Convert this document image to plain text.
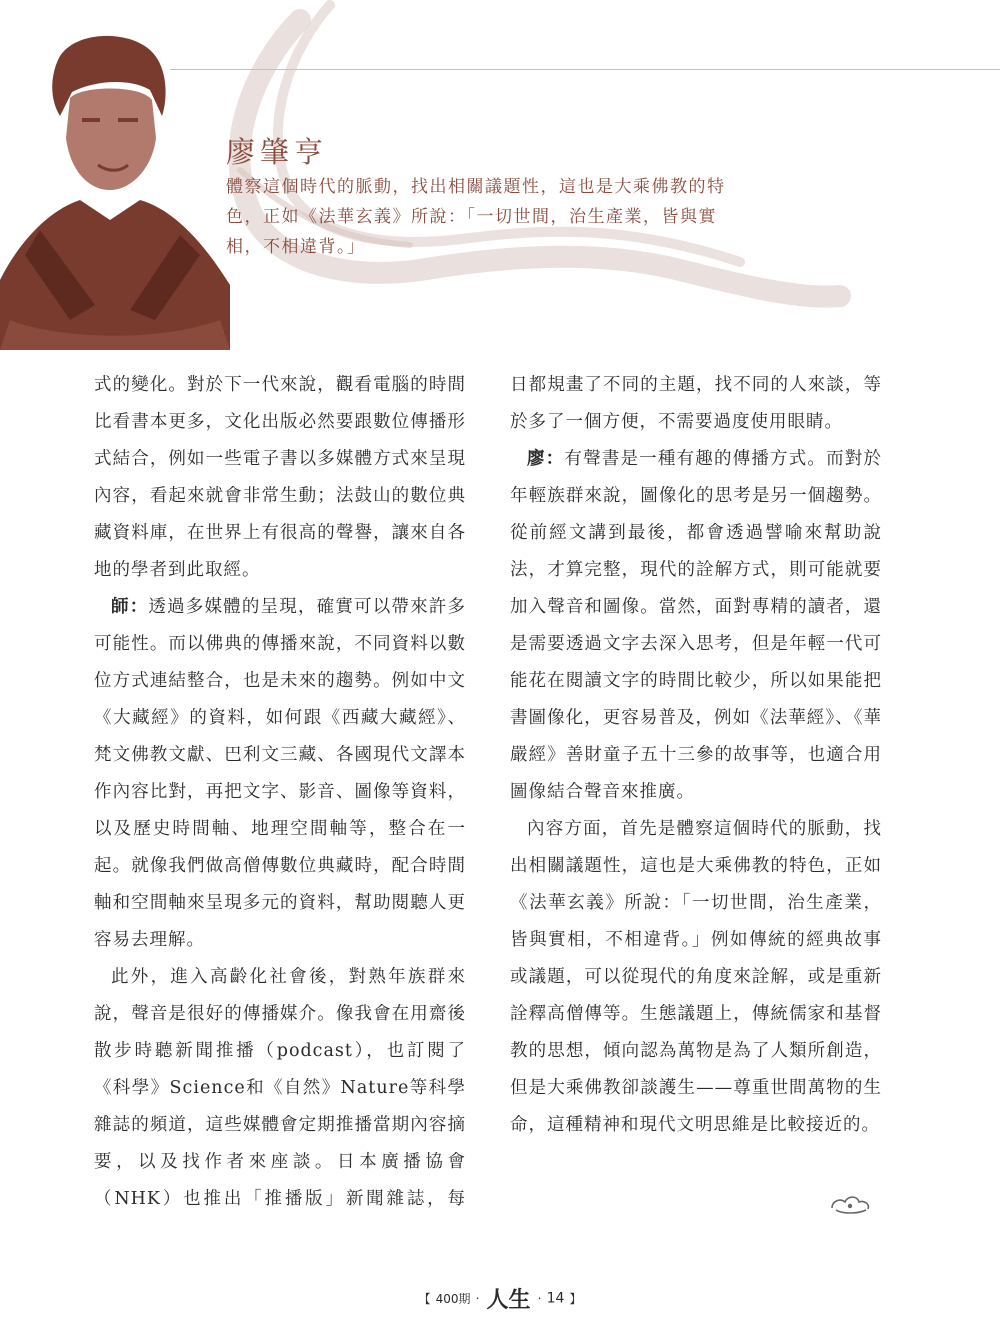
廖肇亨

體察這個時代的脈動，找出相關議題性，這也是大乘佛教的特色，正如《法華玄義》所說：「一切世間，治生產業，皆與實相，不相違背。」

式的變化。對於下一代來說，觀看電腦的時間比看書本更多，文化出版必然要跟數位傳播形式結合，例如一些電子書以多媒體方式來呈現內容，看起來就會非常生動；法鼓山的數位典藏資料庫，在世界上有很高的聲譽，讓來自各地的學者到此取經。

師：透過多媒體的呈現，確實可以帶來許多可能性。而以佛典的傳播來說，不同資料以數位方式連結整合，也是未來的趨勢。例如中文《大藏經》的資料，如何跟《西藏大藏經》、梵文佛教文獻、巴利文三藏、各國現代文譯本作內容比對，再把文字、影音、圖像等資料，以及歷史時間軸、地理空間軸等，整合在一起。就像我們做高僧傳數位典藏時，配合時間軸和空間軸來呈現多元的資料，幫助閱聽人更容易去理解。

此外，進入高齡化社會後，對熟年族群來說，聲音是很好的傳播媒介。像我會在用齋後散步時聽新聞推播（podcast），也訂閱了《科學》Science和《自然》Nature等科學雜誌的頻道，這些媒體會定期推播當期內容摘要，以及找作者來座談。日本廣播協會（NHK）也推出「推播版」新聞雜誌，每

日都規畫了不同的主題，找不同的人來談，等於多了一個方便，不需要過度使用眼睛。

廖：有聲書是一種有趣的傳播方式。而對於年輕族群來說，圖像化的思考是另一個趨勢。從前經文講到最後，都會透過譬喻來幫助說法，才算完整，現代的詮解方式，則可能就要加入聲音和圖像。當然，面對專精的讀者，還是需要透過文字去深入思考，但是年輕一代可能花在閱讀文字的時間比較少，所以如果能把書圖像化，更容易普及，例如《法華經》、《華嚴經》善財童子五十三參的故事等，也適合用圖像結合聲音來推廣。

內容方面，首先是體察這個時代的脈動，找出相關議題性，這也是大乘佛教的特色，正如《法華玄義》所說：「一切世間，治生產業，皆與實相，不相違背。」例如傳統的經典故事或議題，可以從現代的角度來詮解，或是重新詮釋高僧傳等。生態議題上，傳統儒家和基督教的思想，傾向認為萬物是為了人類所創造，但是大乘佛教卻談護生——尊重世間萬物的生命，這種精神和現代文明思維是比較接近的。

【 400期 · 人生 · 14 】
